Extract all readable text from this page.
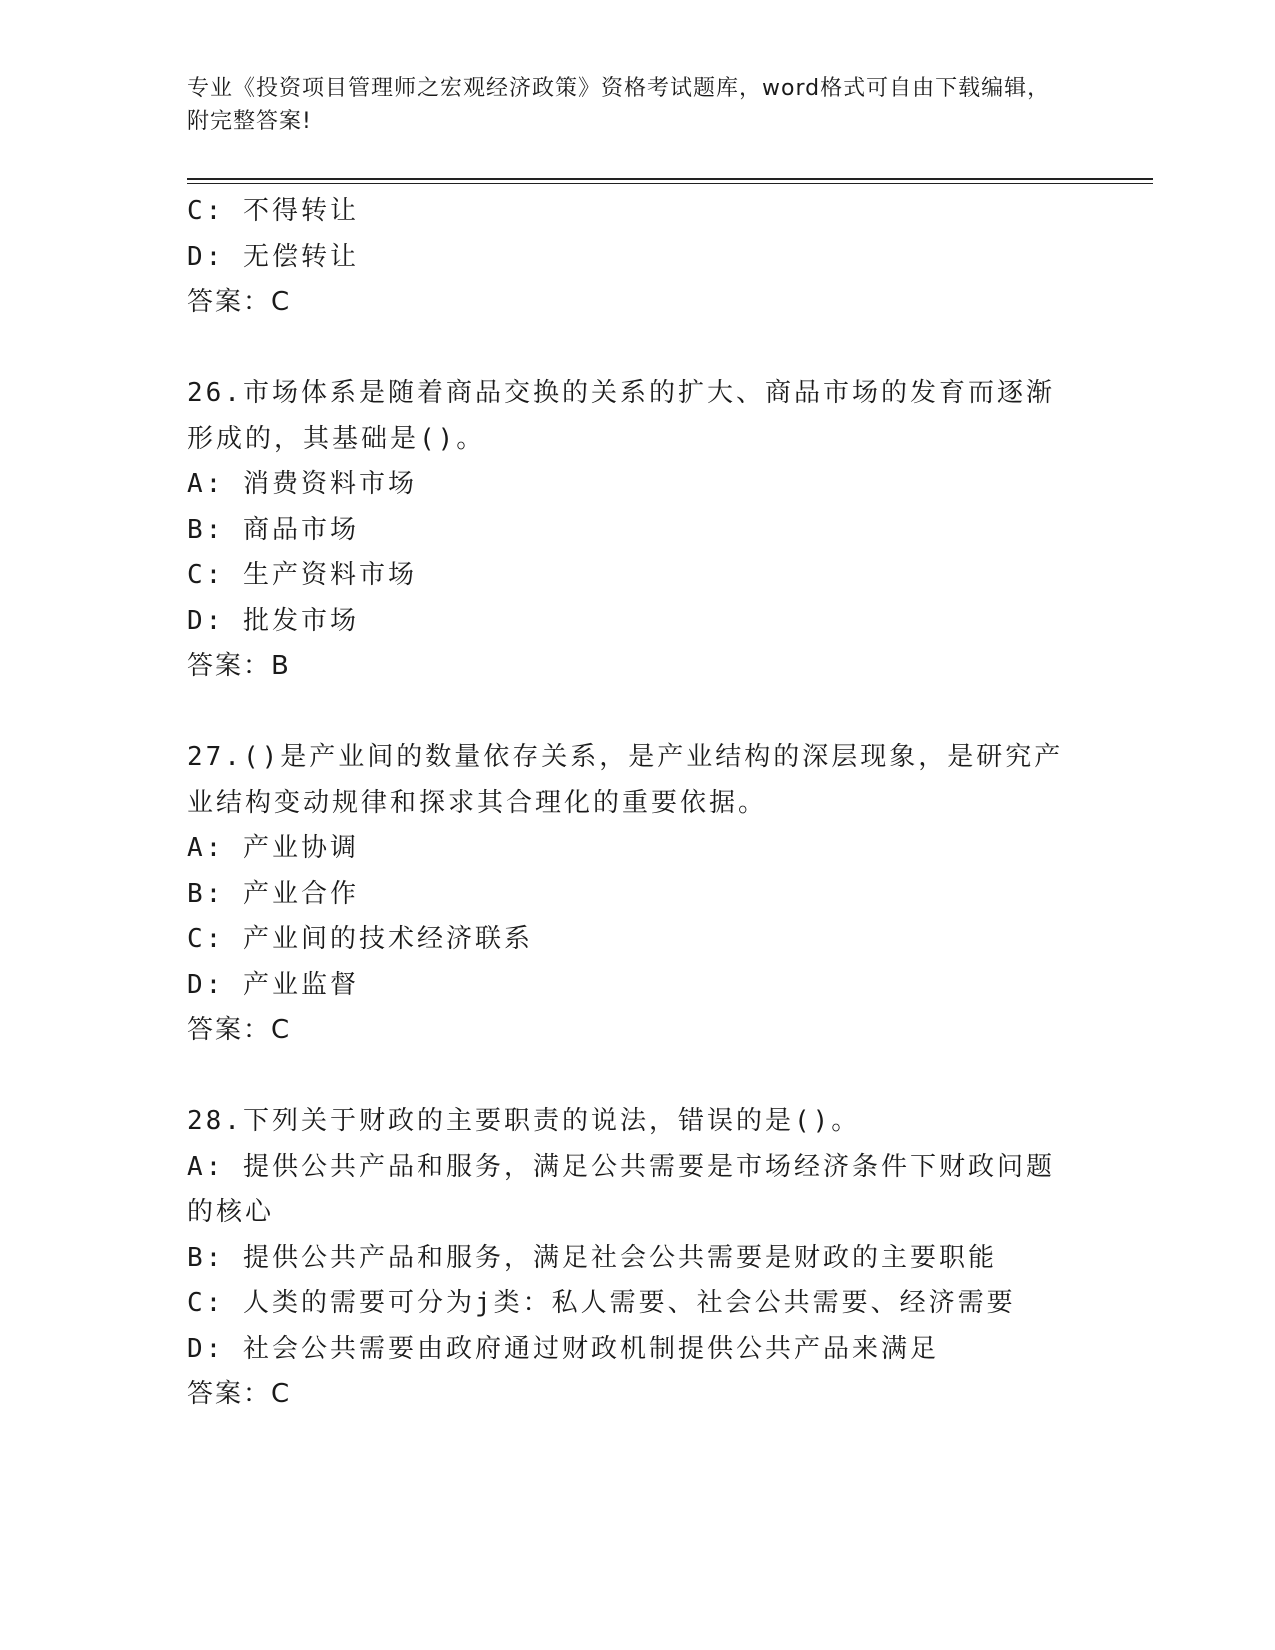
专业《投资项目管理师之宏观经济政策》资格考试题库，word格式可自由下载编辑，附完整答案!
C: 不得转让
D: 无偿转让
答案：C
26.市场体系是随着商品交换的关系的扩大、商品市场的发育而逐渐形成的，其基础是()。
A: 消费资料市场
B: 商品市场
C: 生产资料市场
D: 批发市场
答案：B
27.()是产业间的数量依存关系，是产业结构的深层现象，是研究产业结构变动规律和探求其合理化的重要依据。
A: 产业协调
B: 产业合作
C: 产业间的技术经济联系
D: 产业监督
答案：C
28.下列关于财政的主要职责的说法，错误的是()。
A: 提供公共产品和服务，满足公共需要是市场经济条件下财政问题的核心
B: 提供公共产品和服务，满足社会公共需要是财政的主要职能
C: 人类的需要可分为j类：私人需要、社会公共需要、经济需要
D: 社会公共需要由政府通过财政机制提供公共产品来满足
答案：C
